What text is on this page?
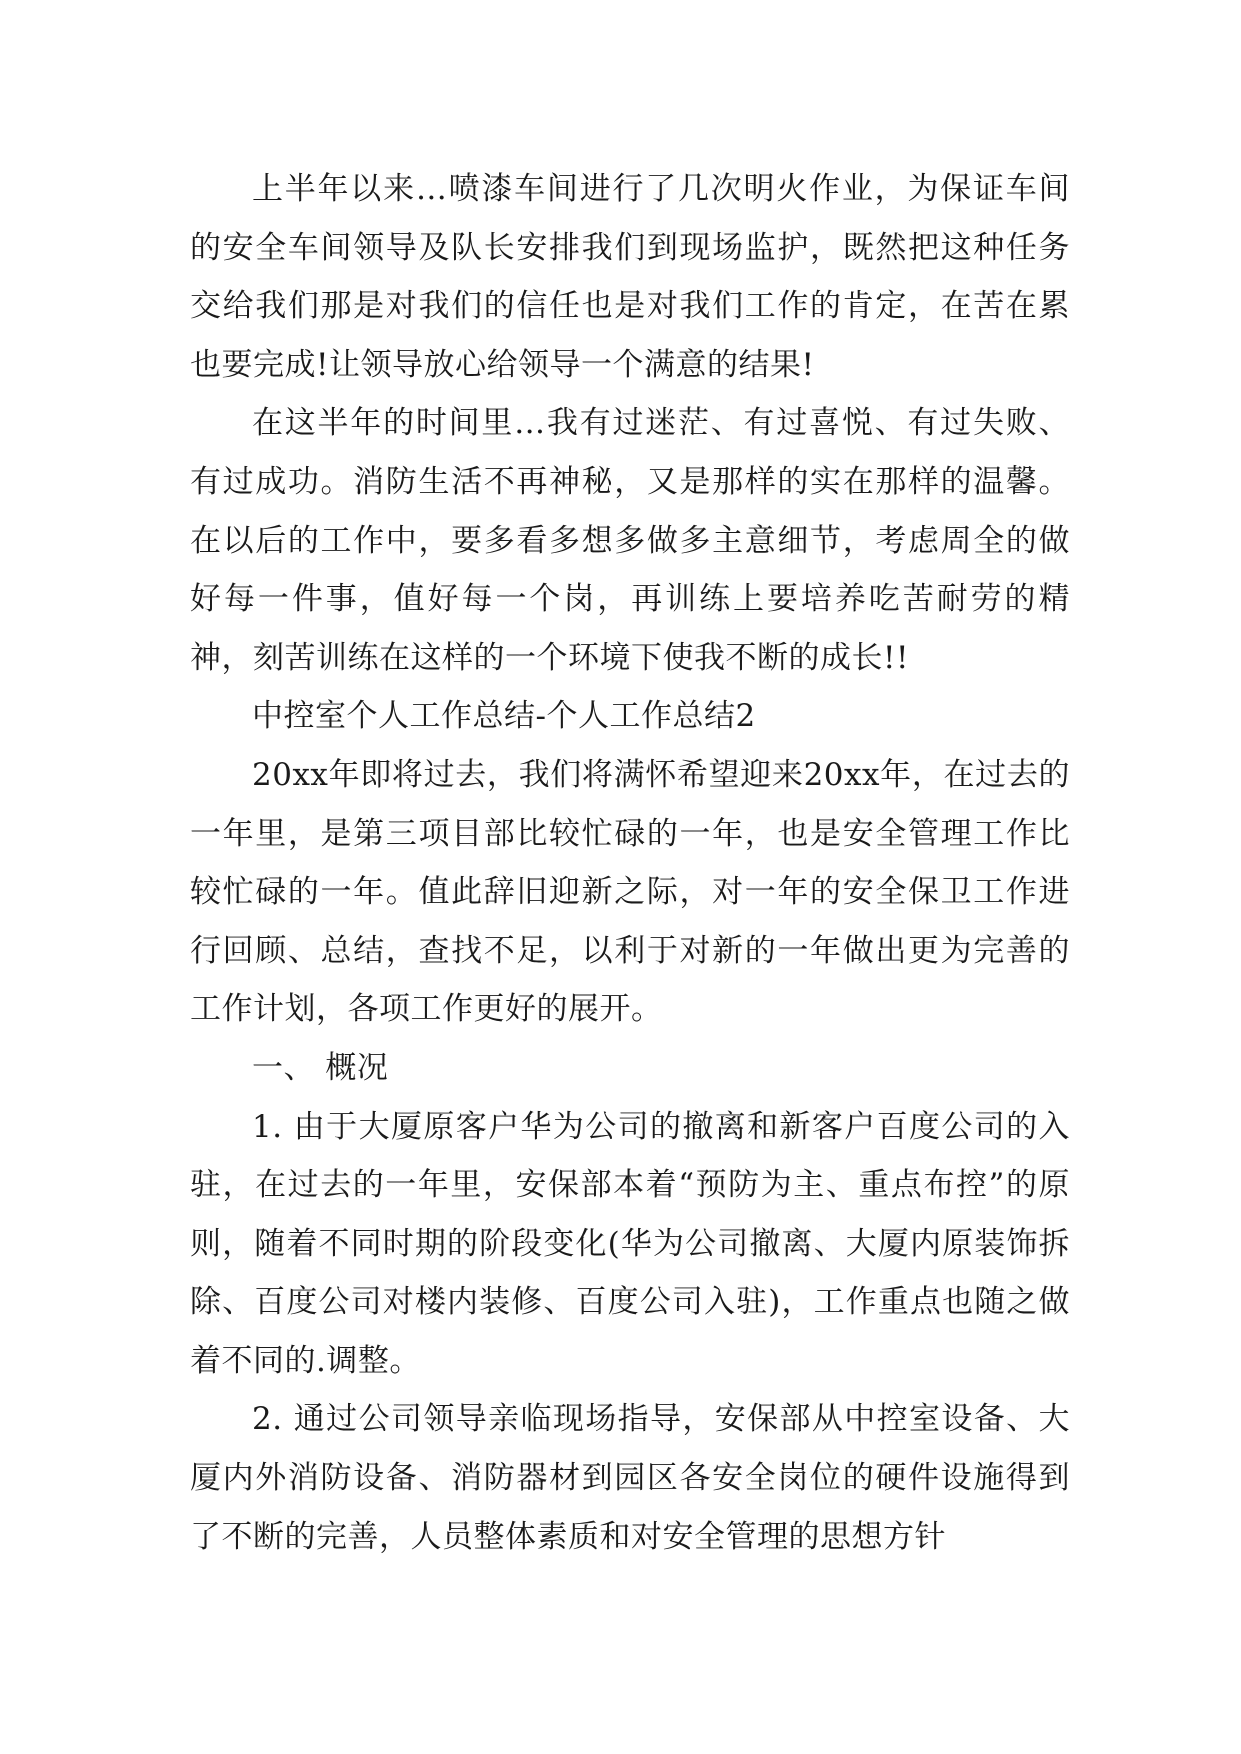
上半年以来…喷漆车间进行了几次明火作业，为保证车间的安全车间领导及队长安排我们到现场监护，既然把这种任务交给我们那是对我们的信任也是对我们工作的肯定，在苦在累也要完成!让领导放心给领导一个满意的结果!

在这半年的时间里…我有过迷茫、有过喜悦、有过失败、有过成功。消防生活不再神秘，又是那样的实在那样的温馨。在以后的工作中，要多看多想多做多主意细节，考虑周全的做好每一件事，值好每一个岗，再训练上要培养吃苦耐劳的精神，刻苦训练在这样的一个环境下使我不断的成长!!

中控室个人工作总结-个人工作总结2

20xx年即将过去，我们将满怀希望迎来20xx年，在过去的一年里，是第三项目部比较忙碌的一年，也是安全管理工作比较忙碌的一年。值此辞旧迎新之际，对一年的安全保卫工作进行回顾、总结，查找不足，以利于对新的一年做出更为完善的工作计划，各项工作更好的展开。

一、 概况

1. 由于大厦原客户华为公司的撤离和新客户百度公司的入驻，在过去的一年里，安保部本着“预防为主、重点布控”的原则，随着不同时期的阶段变化(华为公司撤离、大厦内原装饰拆除、百度公司对楼内装修、百度公司入驻)，工作重点也随之做着不同的.调整。

2. 通过公司领导亲临现场指导，安保部从中控室设备、大厦内外消防设备、消防器材到园区各安全岗位的硬件设施得到了不断的完善，人员整体素质和对安全管理的思想方针
